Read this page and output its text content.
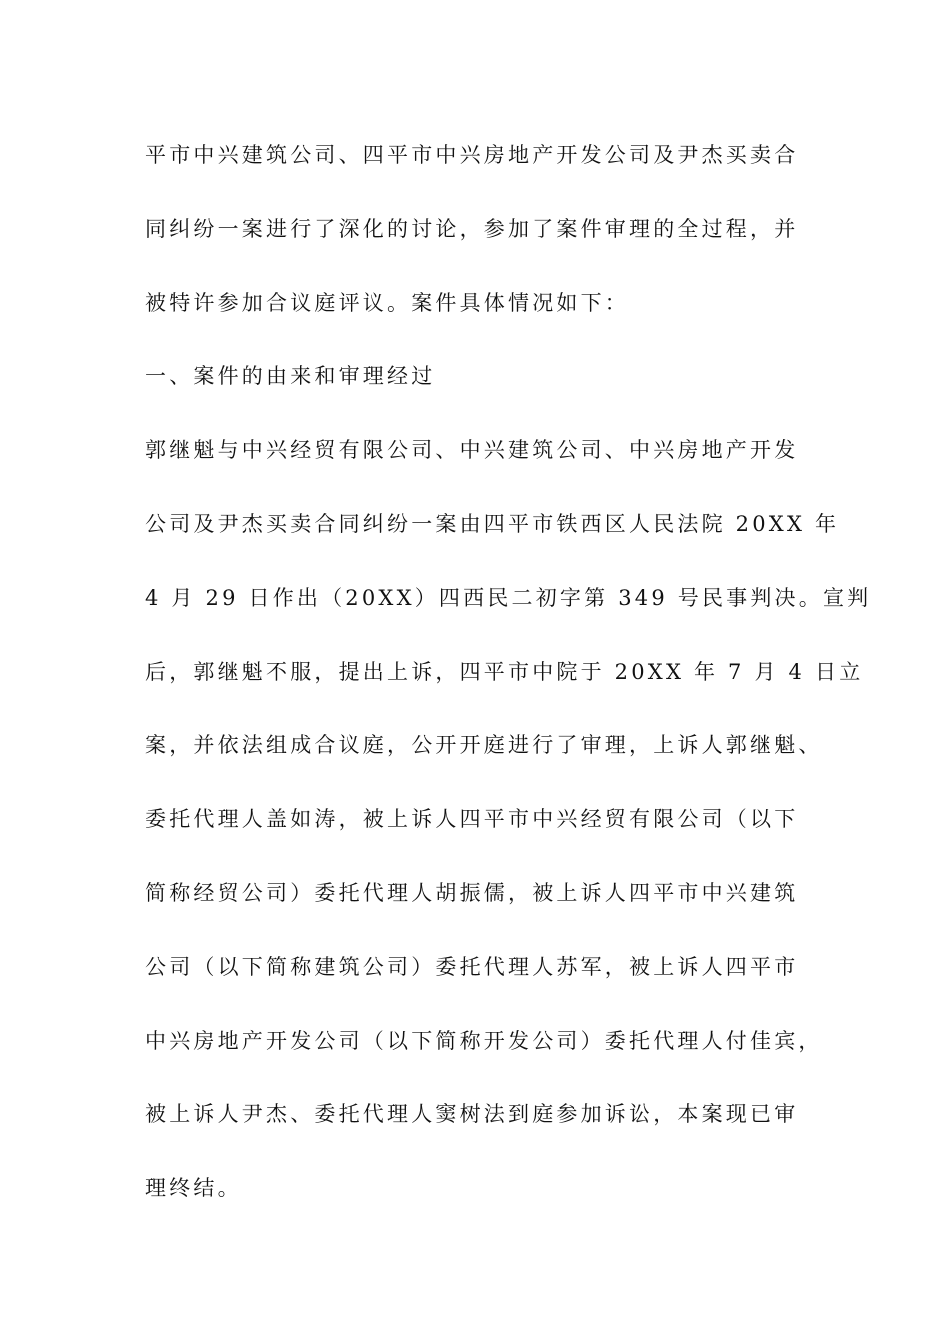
平市中兴建筑公司、四平市中兴房地产开发公司及尹杰买卖合
同纠纷一案进行了深化的讨论，参加了案件审理的全过程，并
被特许参加合议庭评议。案件具体情况如下：
一、案件的由来和审理经过
郭继魁与中兴经贸有限公司、中兴建筑公司、中兴房地产开发
公司及尹杰买卖合同纠纷一案由四平市铁西区人民法院 20XX 年
4 月 29 日作出（20XX）四西民二初字第 349 号民事判决。宣判
后，郭继魁不服，提出上诉，四平市中院于 20XX 年 7 月 4 日立
案，并依法组成合议庭，公开开庭进行了审理，上诉人郭继魁、
委托代理人盖如涛，被上诉人四平市中兴经贸有限公司（以下
简称经贸公司）委托代理人胡振儒，被上诉人四平市中兴建筑
公司（以下简称建筑公司）委托代理人苏军，被上诉人四平市
中兴房地产开发公司（以下简称开发公司）委托代理人付佳宾，
被上诉人尹杰、委托代理人窦树法到庭参加诉讼，本案现已审
理终结。
